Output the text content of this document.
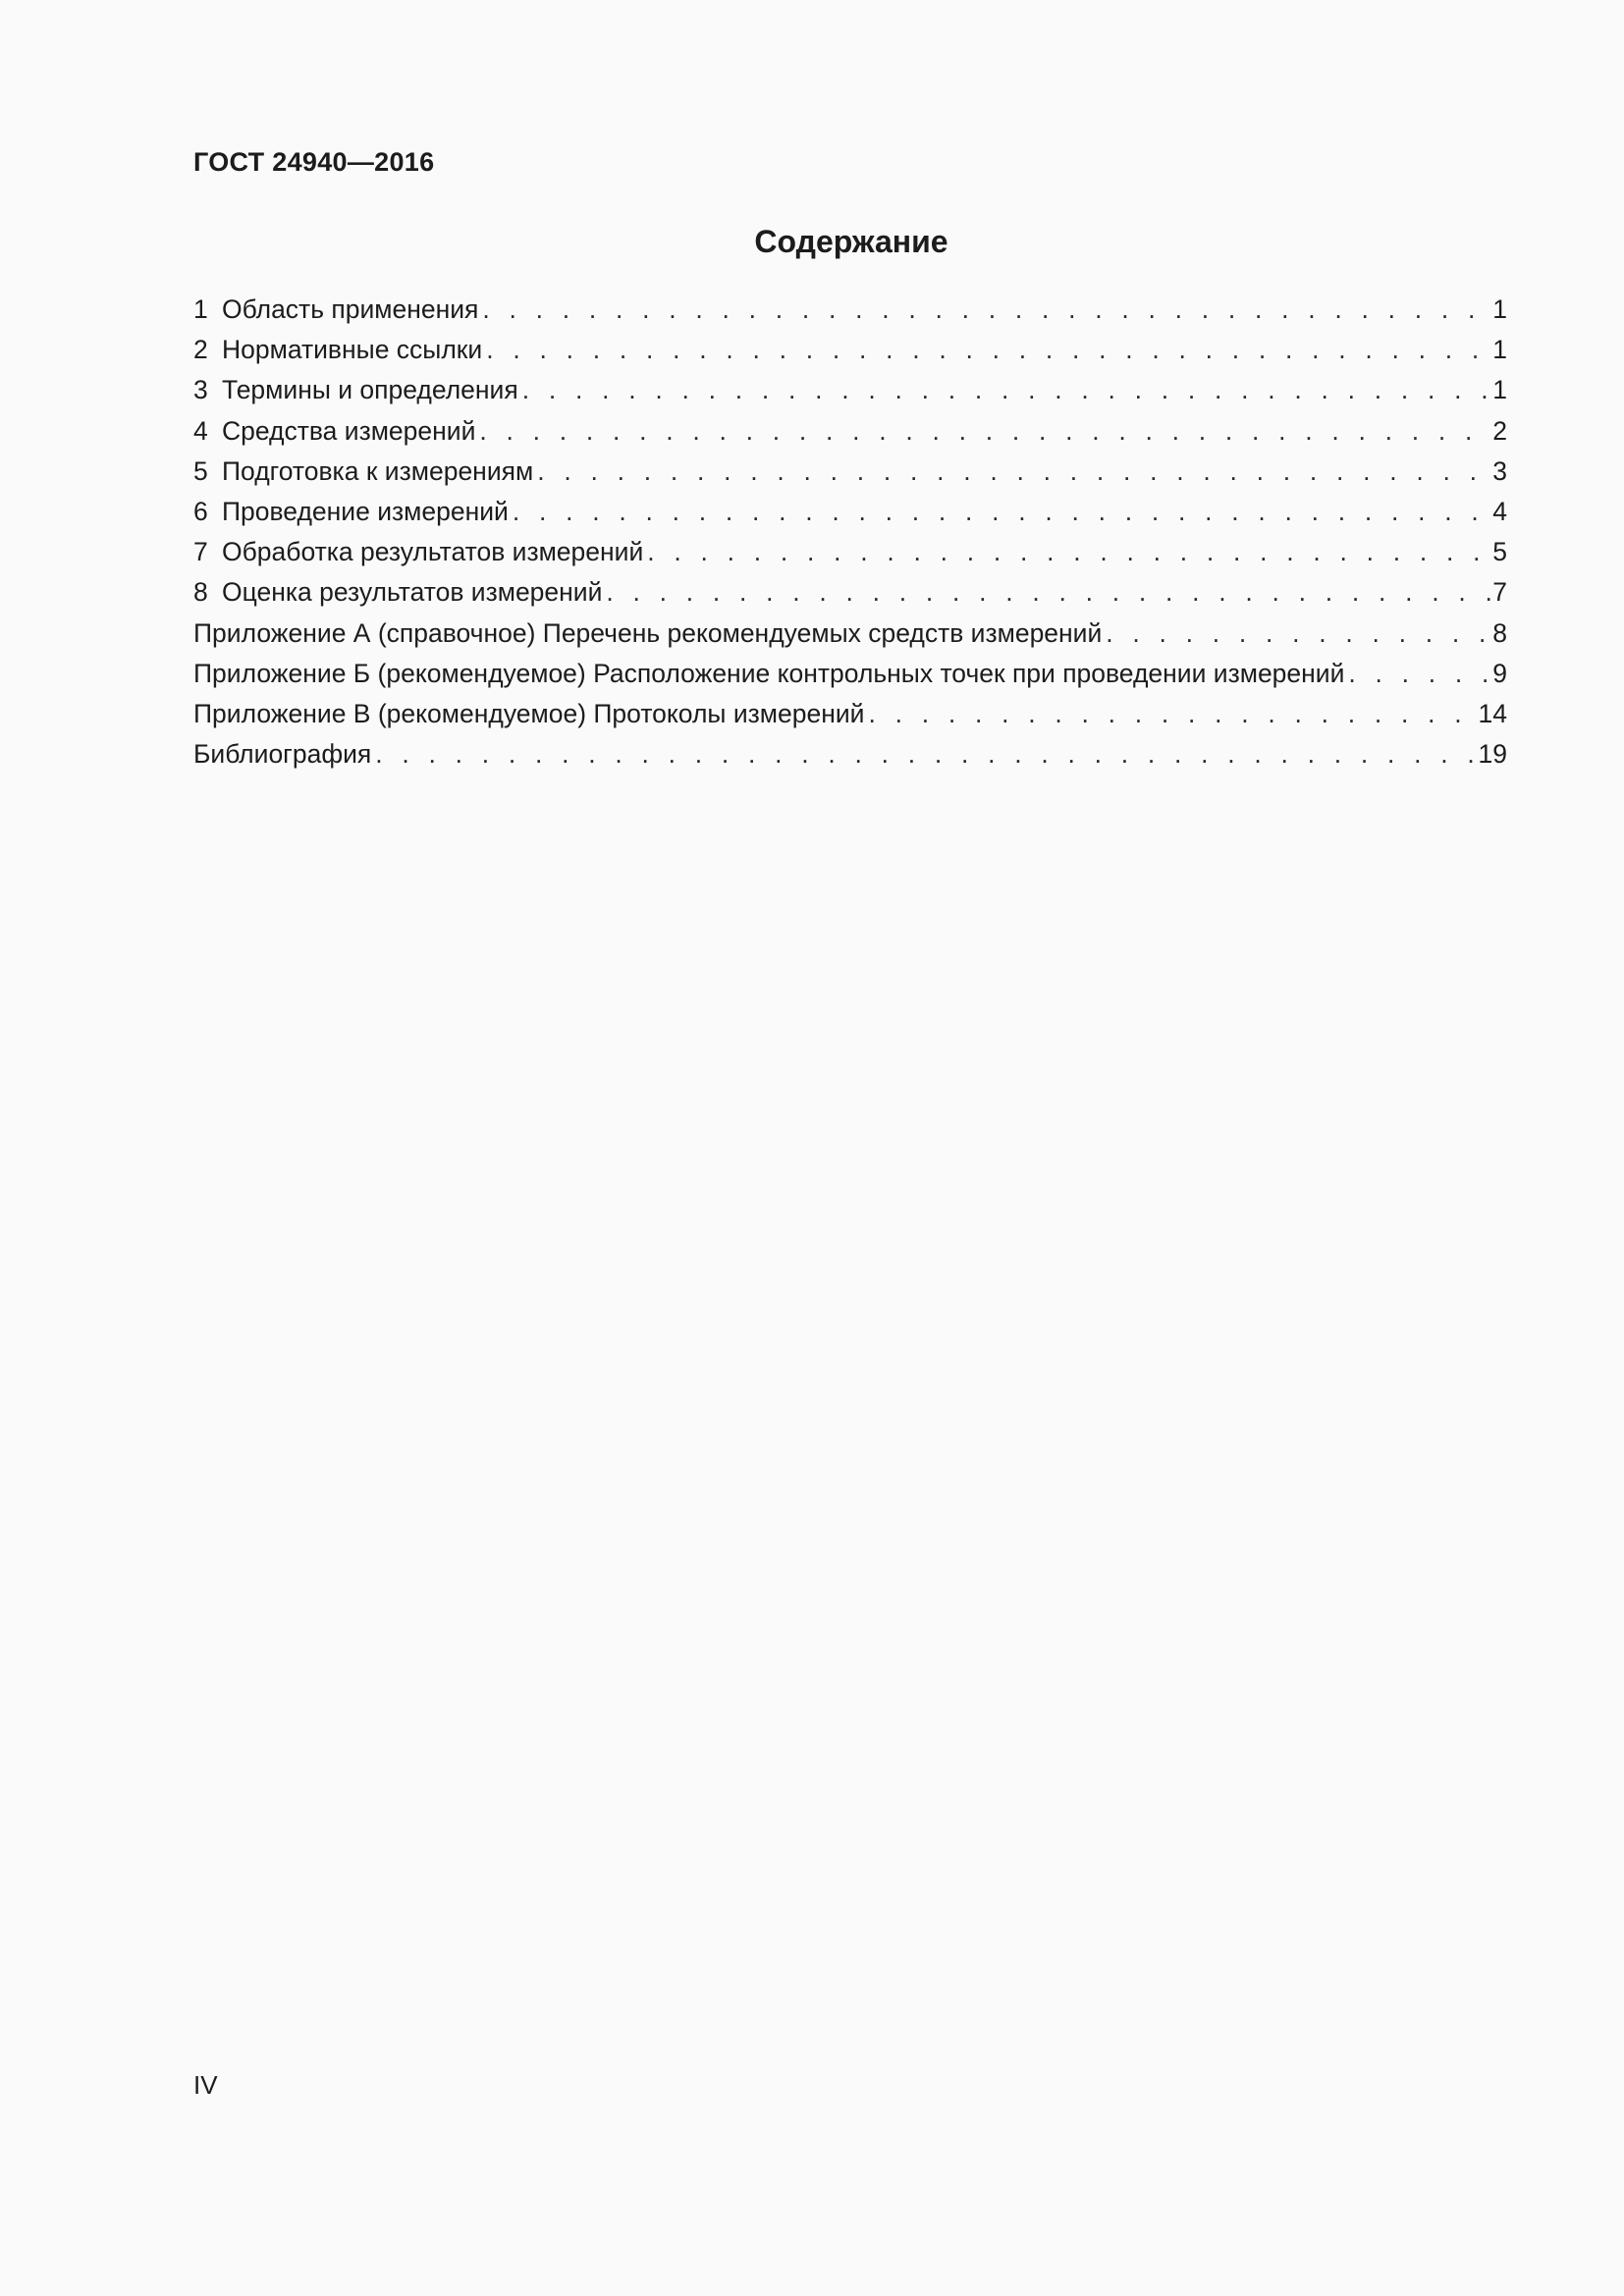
ГОСТ 24940—2016
Содержание
1 Область применения . . .	1
2 Нормативные ссылки . . .	1
3 Термины и определения . . .	1
4 Средства измерений . . .	2
5 Подготовка к измерениям . . .	3
6 Проведение измерений . . .	4
7 Обработка результатов измерений . . .	5
8 Оценка результатов измерений . . .	7
Приложение А (справочное) Перечень рекомендуемых средств измерений . . .	8
Приложение Б (рекомендуемое) Расположение контрольных точек при проведении измерений . . .	9
Приложение В (рекомендуемое) Протоколы измерений . . .	14
Библиография . . .	19
IV
